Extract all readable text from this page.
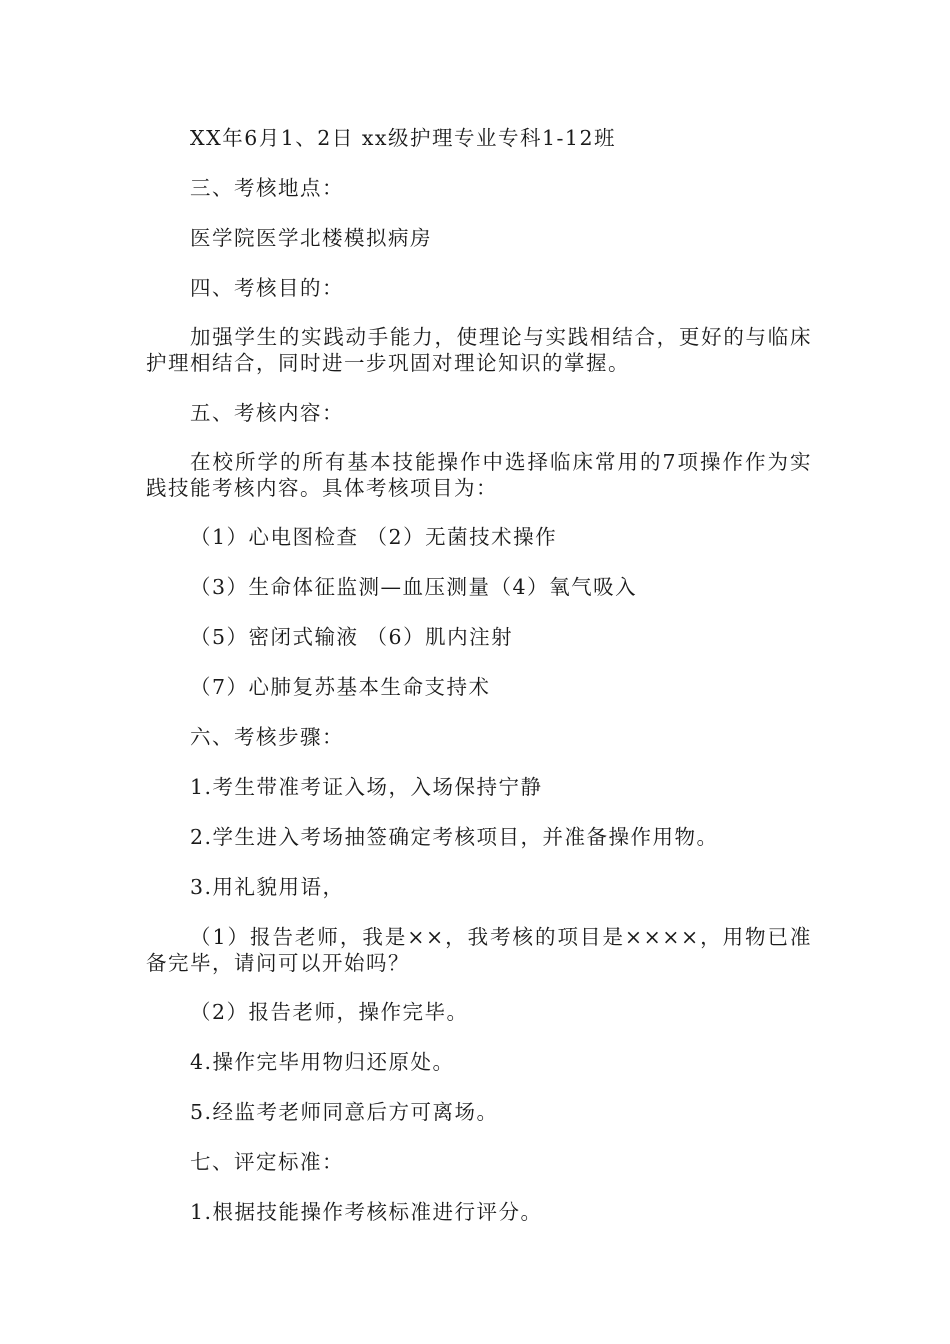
XX年6月1、2日 xx级护理专业专科1-12班

三、考核地点：

医学院医学北楼模拟病房

四、考核目的：

加强学生的实践动手能力，使理论与实践相结合，更好的与临床护理相结合，同时进一步巩固对理论知识的掌握。

五、考核内容：

在校所学的所有基本技能操作中选择临床常用的7项操作作为实践技能考核内容。具体考核项目为：

（1）心电图检查 （2）无菌技术操作

（3）生命体征监测—血压测量（4）氧气吸入

（5）密闭式输液 （6）肌内注射

（7）心肺复苏基本生命支持术

六、考核步骤：

1.考生带准考证入场，入场保持宁静

2.学生进入考场抽签确定考核项目，并准备操作用物。

3.用礼貌用语，

（1）报告老师，我是××，我考核的项目是××××，用物已准备完毕，请问可以开始吗？

（2）报告老师，操作完毕。

4.操作完毕用物归还原处。

5.经监考老师同意后方可离场。

七、评定标准：

1.根据技能操作考核标准进行评分。
